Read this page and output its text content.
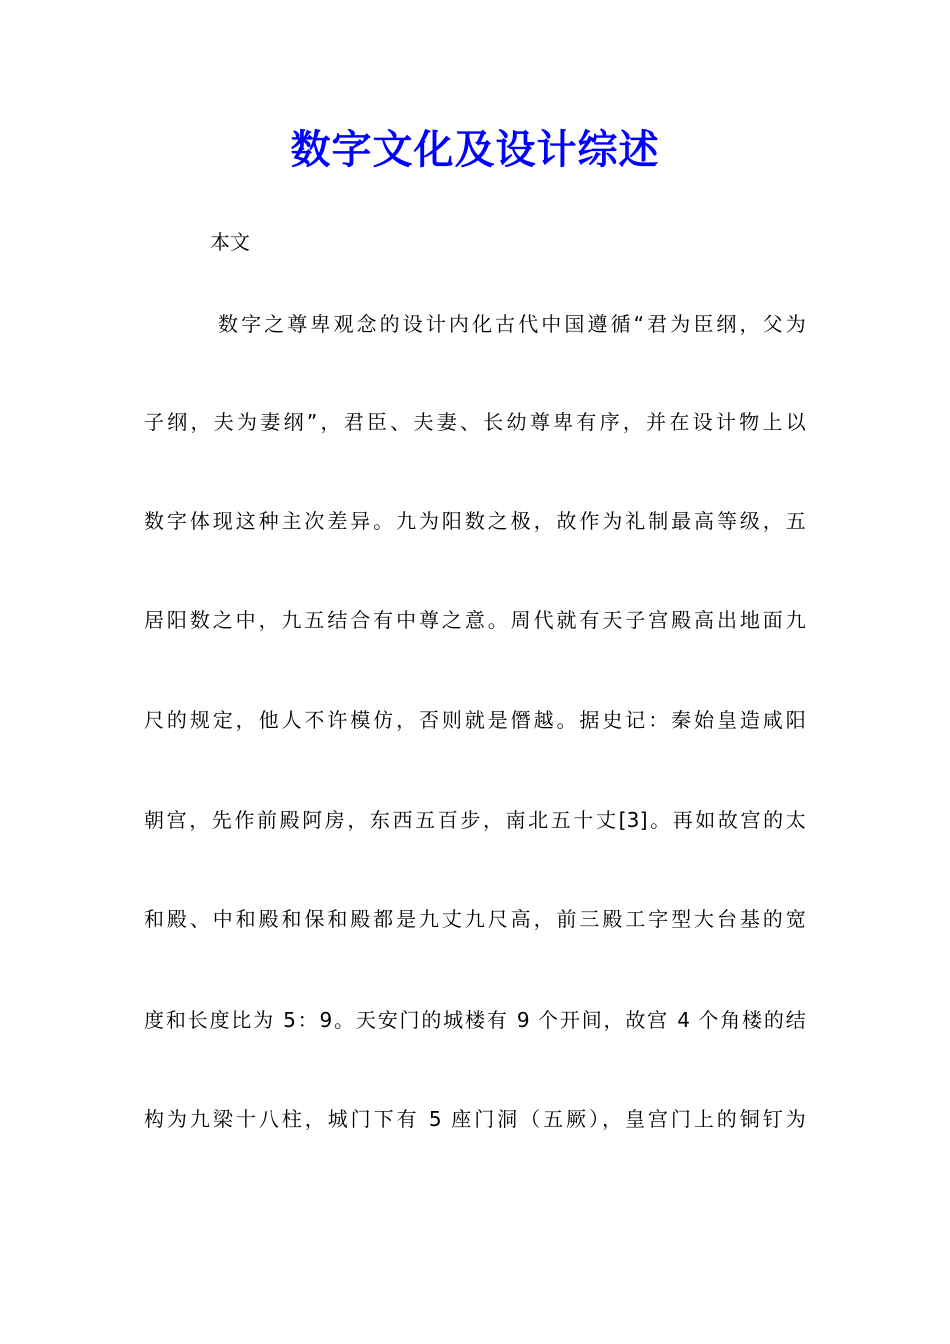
数字文化及设计综述
本文
数字之尊卑观念的设计内化古代中国遵循“君为臣纲，父为
子纲，夫为妻纲”，君臣、夫妻、长幼尊卑有序，并在设计物上以
数字体现这种主次差异。九为阳数之极，故作为礼制最高等级，五
居阳数之中，九五结合有中尊之意。周代就有天子宫殿高出地面九
尺的规定，他人不许模仿，否则就是僭越。据史记：秦始皇造咸阳
朝宫，先作前殿阿房，东西五百步，南北五十丈[3]。再如故宫的太
和殿、中和殿和保和殿都是九丈九尺高，前三殿工字型大台基的宽
度和长度比为 5：9。天安门的城楼有 9 个开间，故宫 4 个角楼的结
构为九梁十八柱，城门下有 5 座门洞（五厥），皇宫门上的铜钉为
